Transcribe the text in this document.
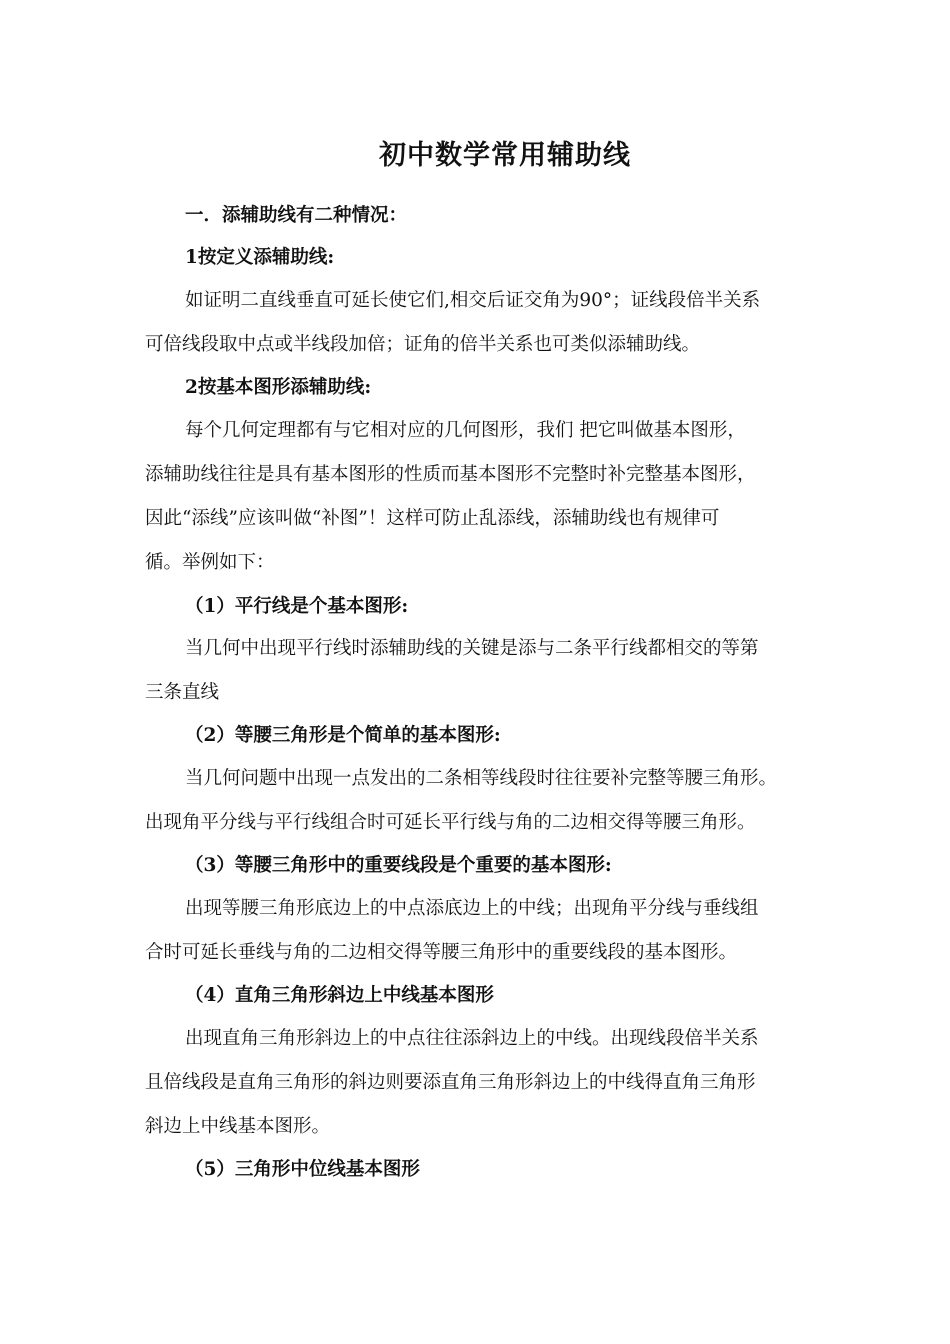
初中数学常用辅助线

一．添辅助线有二种情况：

1按定义添辅助线:

如证明二直线垂直可延长使它们,相交后证交角为90°；证线段倍半关系

可倍线段取中点或半线段加倍；证角的倍半关系也可类似添辅助线。

2按基本图形添辅助线:

每个几何定理都有与它相对应的几何图形，我们 把它叫做基本图形，

添辅助线往往是具有基本图形的性质而基本图形不完整时补完整基本图形，

因此“添线”应该叫做“补图”！这样可防止乱添线，添辅助线也有规律可

循。举例如下：

（1）平行线是个基本图形:

当几何中出现平行线时添辅助线的关键是添与二条平行线都相交的等第

三条直线

（2）等腰三角形是个简单的基本图形:

当几何问题中出现一点发出的二条相等线段时往往要补完整等腰三角形。

出现角平分线与平行线组合时可延长平行线与角的二边相交得等腰三角形。

（3）等腰三角形中的重要线段是个重要的基本图形:

出现等腰三角形底边上的中点添底边上的中线；出现角平分线与垂线组

合时可延长垂线与角的二边相交得等腰三角形中的重要线段的基本图形。

（4）直角三角形斜边上中线基本图形

出现直角三角形斜边上的中点往往添斜边上的中线。出现线段倍半关系

且倍线段是直角三角形的斜边则要添直角三角形斜边上的中线得直角三角形

斜边上中线基本图形。

（5）三角形中位线基本图形
